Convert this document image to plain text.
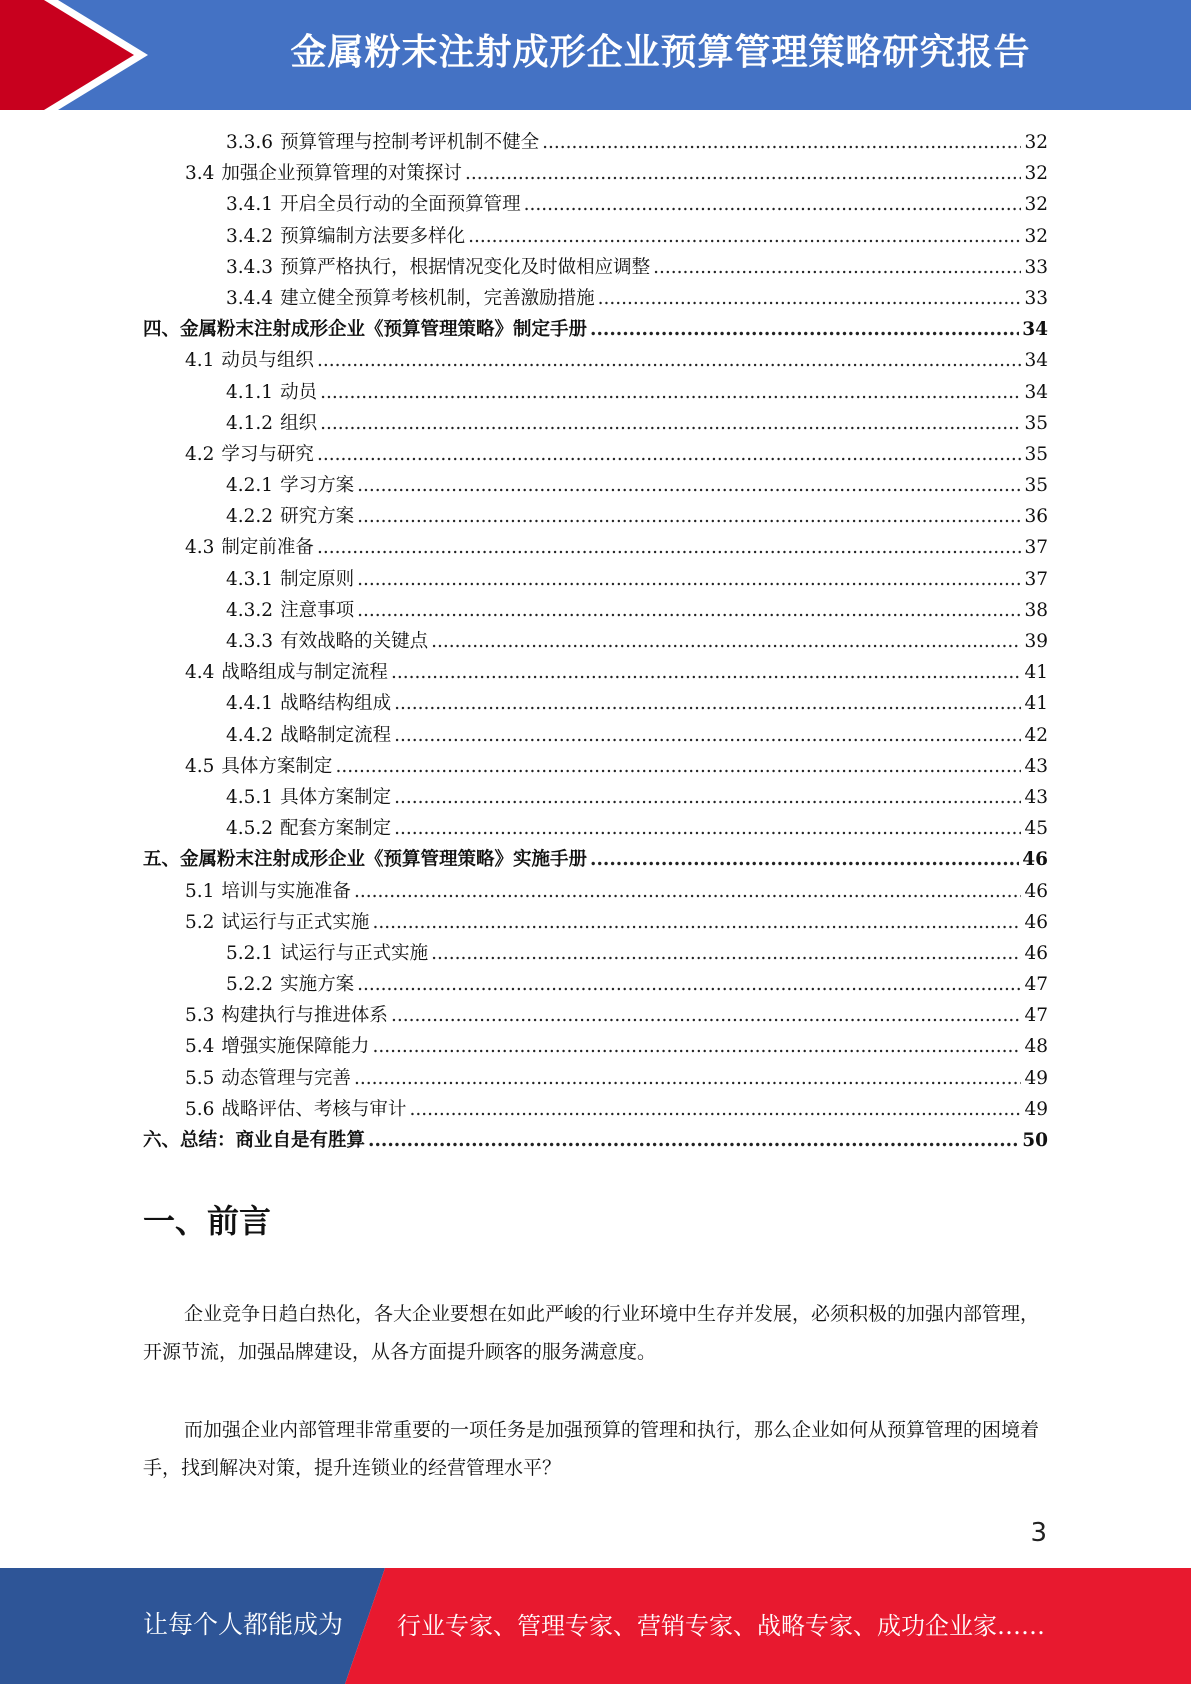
金属粉末注射成形企业预算管理策略研究报告
3.3.6 预算管理与控制考评机制不健全 .....	32
3.4 加强企业预算管理的对策探讨 .....	32
3.4.1 开启全员行动的全面预算管理 .....	32
3.4.2 预算编制方法要多样化 .....	32
3.4.3 预算严格执行，根据情况变化及时做相应调整 .....	33
3.4.4 建立健全预算考核机制，完善激励措施 .....	33
四、金属粉末注射成形企业《预算管理策略》制定手册 .....	34
4.1 动员与组织 .....	34
4.1.1 动员 .....	34
4.1.2 组织 .....	35
4.2 学习与研究 .....	35
4.2.1 学习方案 .....	35
4.2.2 研究方案 .....	36
4.3 制定前准备 .....	37
4.3.1 制定原则 .....	37
4.3.2 注意事项 .....	38
4.3.3 有效战略的关键点 .....	39
4.4 战略组成与制定流程 .....	41
4.4.1 战略结构组成 .....	41
4.4.2 战略制定流程 .....	42
4.5 具体方案制定 .....	43
4.5.1 具体方案制定 .....	43
4.5.2 配套方案制定 .....	45
五、金属粉末注射成形企业《预算管理策略》实施手册 .....	46
5.1 培训与实施准备 .....	46
5.2 试运行与正式实施 .....	46
5.2.1 试运行与正式实施 .....	46
5.2.2 实施方案 .....	47
5.3 构建执行与推进体系 .....	47
5.4 增强实施保障能力 .....	48
5.5 动态管理与完善 .....	49
5.6 战略评估、考核与审计 .....	49
六、总结：商业自是有胜算 .....	50
一、前言

企业竞争日趋白热化，各大企业要想在如此严峻的行业环境中生存并发展，必须积极的加强内部管理，开源节流，加强品牌建设，从各方面提升顾客的服务满意度。

而加强企业内部管理非常重要的一项任务是加强预算的管理和执行，那么企业如何从预算管理的困境着手，找到解决对策，提升连锁业的经营管理水平？

3
让每个人都能成为 行业专家、管理专家、营销专家、战略专家、成功企业家……
